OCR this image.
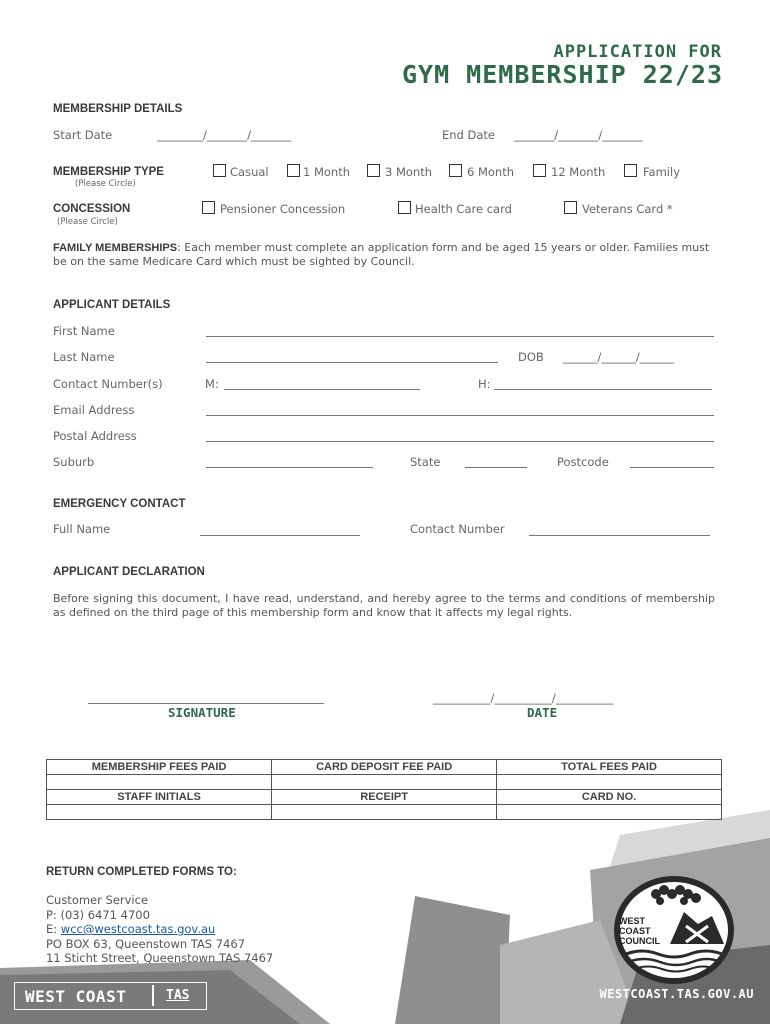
APPLICATION FOR
GYM MEMBERSHIP 22/23
MEMBERSHIP DETAILS
Start Date	________/_______/_______	End Date _______/_______/_______
MEMBERSHIP TYPE
(Please Circle)
Casual	1 Month	3 Month	6 Month	12 Month	Family
CONCESSION
(Please Circle)
Pensioner Concession	Health Care card	Veterans Card *
FAMILY MEMBERSHIPS: Each member must complete an application form and be aged 15 years or older. Families must be on the same Medicare Card which must be sighted by Council.
APPLICANT DETAILS
First Name
Last Name	DOB ______/______/______
Contact Number(s)	M:	H:
Email Address
Postal Address
Suburb	State	Postcode
EMERGENCY CONTACT
Full Name	Contact Number
APPLICANT DECLARATION
Before signing this document, I have read, understand, and hereby agree to the terms and conditions of membership as defined on the third page of this membership form and know that it affects my legal rights.
SIGNATURE
__________/__________/__________
DATE
MEMBERSHIP FEES PAID	CARD DEPOSIT FEE PAID	TOTAL FEES PAID

STAFF INITIALS	RECEIPT	CARD NO.

RETURN COMPLETED FORMS TO:
Customer Service
P: (03) 6471 4700
E: wcc@westcoast.tas.gov.au
PO BOX 63, Queenstown TAS 7467
11 Sticht Street, Queenstown TAS 7467
WEST
COAST
COUNCIL
WEST COAST	TAS	WESTCOAST.TAS.GOV.AU
